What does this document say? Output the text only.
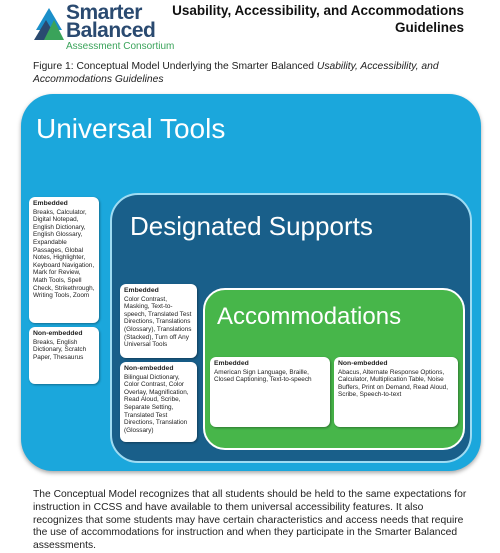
Smarter
Balanced
Assessment Consortium
Usability, Accessibility, and Accommodations Guidelines
Figure 1: Conceptual Model Underlying the Smarter Balanced Usability, Accessibility, and Accommodations Guidelines
Universal Tools
Embedded
Breaks, Calculator, Digital Notepad, English Dictionary, English Glossary, Expandable Passages, Global Notes, Highlighter, Keyboard Navigation, Mark for Review, Math Tools, Spell Check, Strikethrough, Writing Tools, Zoom
Non-embedded
Breaks, English Dictionary, Scratch Paper, Thesaurus
Designated Supports
Embedded
Color Contrast, Masking, Text-to-speech, Translated Test Directions, Translations (Glossary), Translations (Stacked), Turn off Any Universal Tools
Non-embedded
Bilingual Dictionary, Color Contrast, Color Overlay, Magnification, Read Aloud, Scribe, Separate Setting, Translated Test Directions, Translation (Glossary)
Accommodations
Embedded
American Sign Language, Braille, Closed Captioning, Text-to-speech
Non-embedded
Abacus, Alternate Response Options, Calculator, Multiplication Table, Noise Buffers, Print on Demand, Read Aloud, Scribe, Speech-to-text
The Conceptual Model recognizes that all students should be held to the same expectations for instruction in CCSS and have available to them universal accessibility features. It also recognizes that some students may have certain characteristics and access needs that require the use of accommodations for instruction and when they participate in the Smarter Balanced assessments.
